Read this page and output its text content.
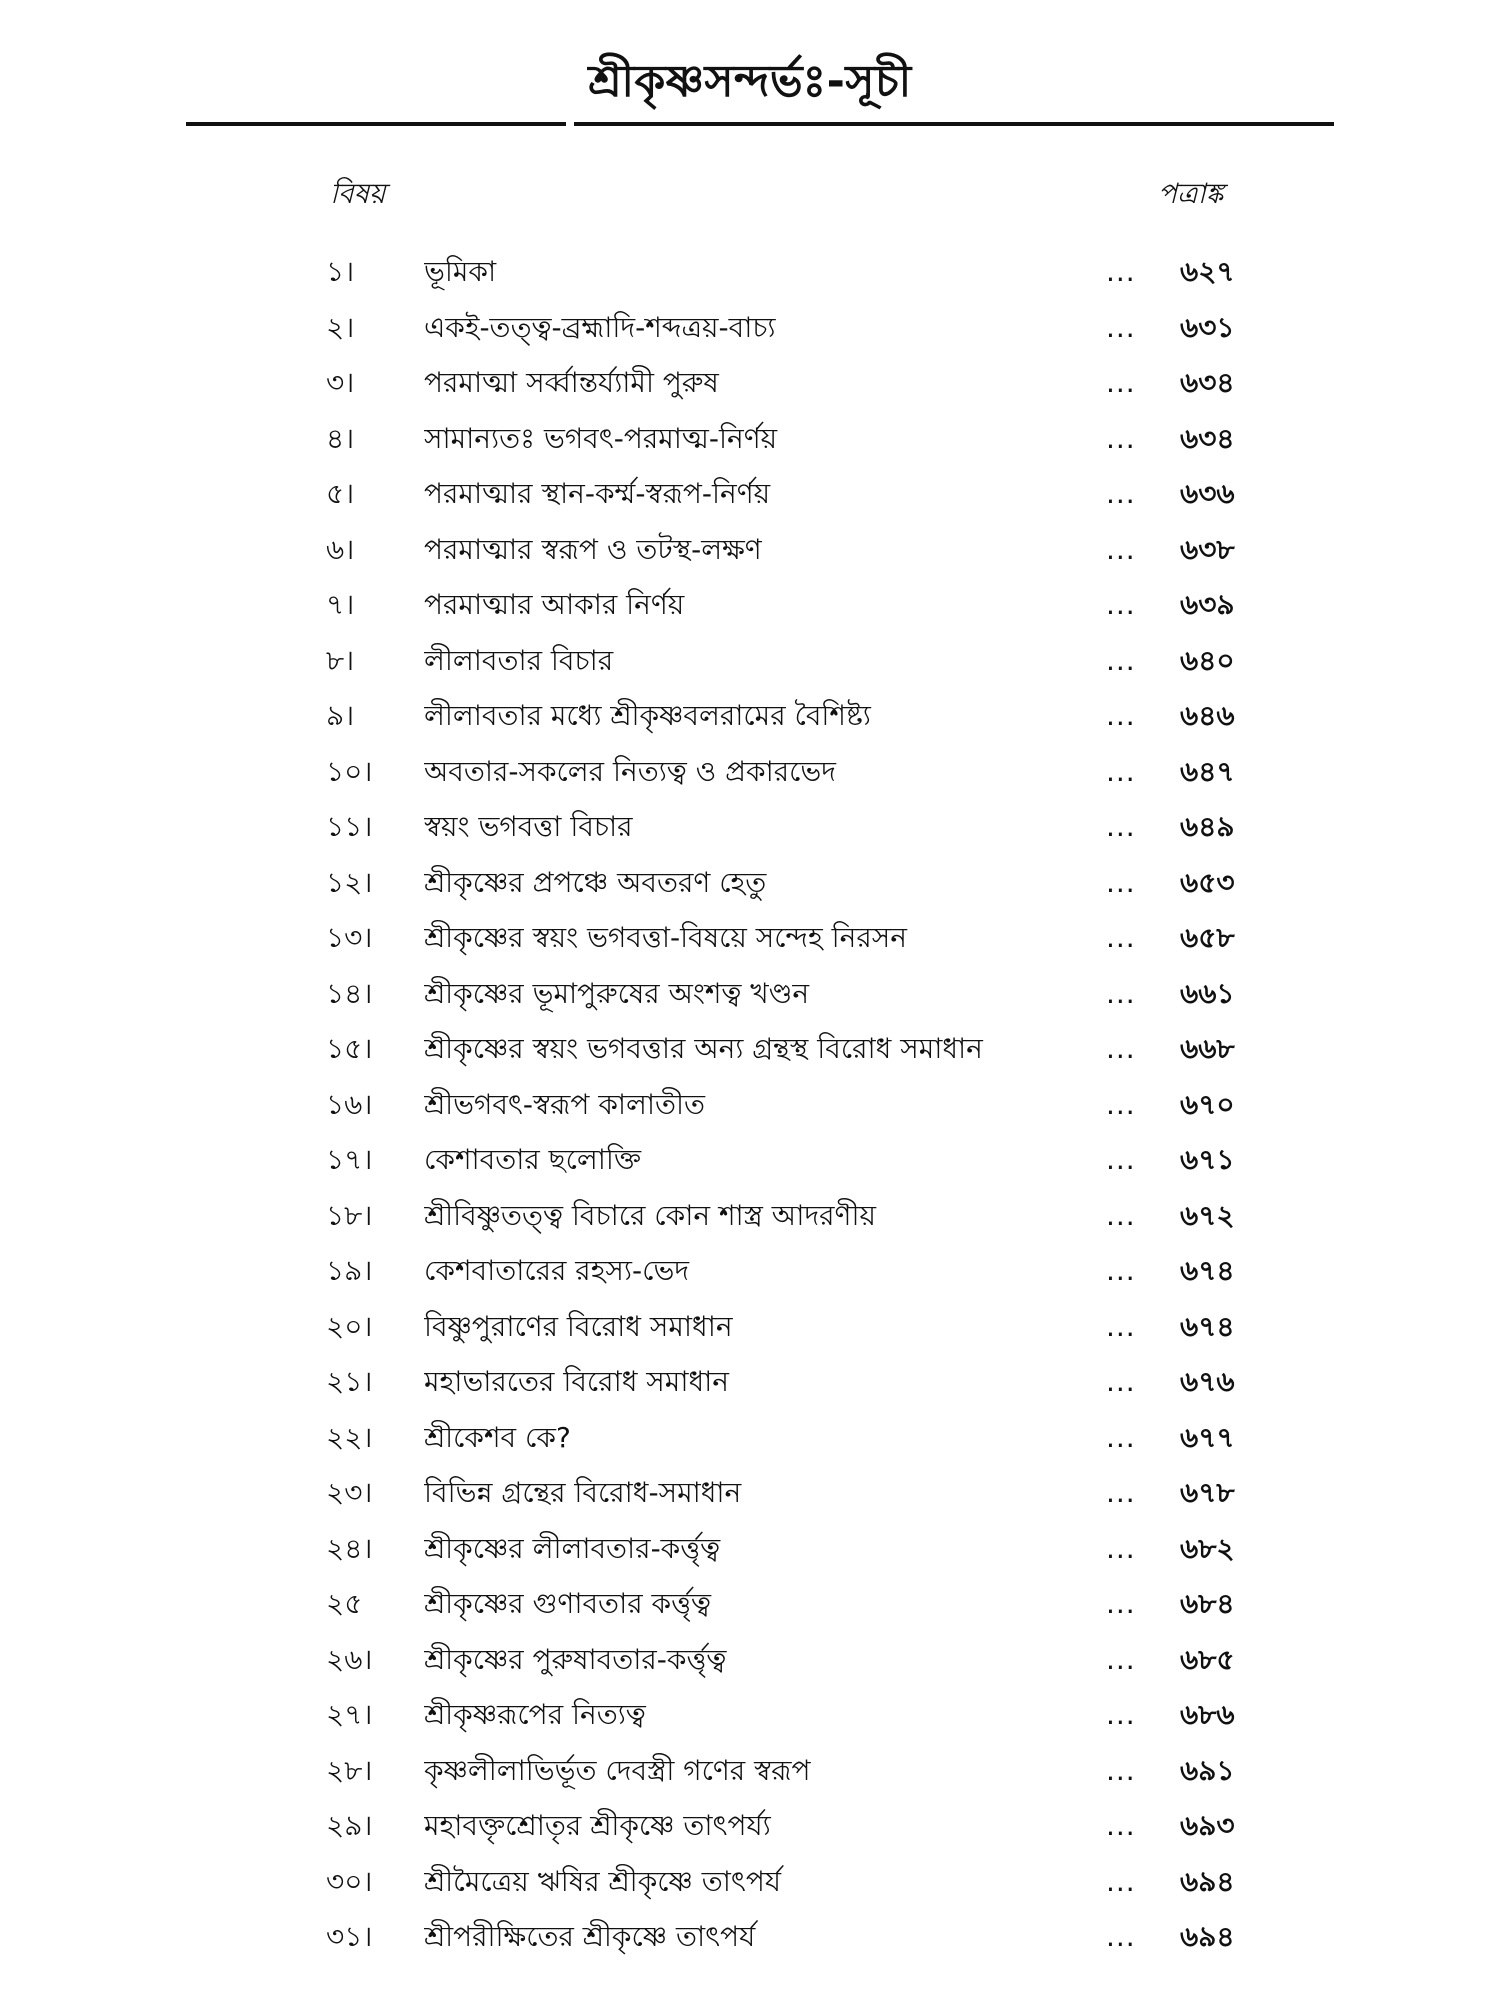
শ্রীকৃষ্ণসন্দর্ভঃ-সূচী
বিষয়	পত্রাঙ্ক
১।	ভূমিকা	...	৬২৭
২।	একই-তত্ত্ব-ব্রহ্মাদি-শব্দত্রয়-বাচ্য	...	৬৩১
৩।	পরমাত্মা সর্ব্বান্তর্য্যামী পুরুষ	...	৬৩৪
৪।	সামান্যতঃ ভগবৎ-পরমাত্ম-নির্ণয়	...	৬৩৪
৫।	পরমাত্মার স্থান-কর্ম্ম-স্বরূপ-নির্ণয়	...	৬৩৬
৬।	পরমাত্মার স্বরূপ ও তটস্থ-লক্ষণ	...	৬৩৮
৭।	পরমাত্মার আকার নির্ণয়	...	৬৩৯
৮।	লীলাবতার বিচার	...	৬৪০
৯।	লীলাবতার মধ্যে শ্রীকৃষ্ণবলরামের বৈশিষ্ট্য	...	৬৪৬
১০।	অবতার-সকলের নিত্যত্ব ও প্রকারভেদ	...	৬৪৭
১১।	স্বয়ং ভগবত্তা বিচার	...	৬৪৯
১২।	শ্রীকৃষ্ণের প্রপঞ্চে অবতরণ হেতু	...	৬৫৩
১৩।	শ্রীকৃষ্ণের স্বয়ং ভগবত্তা-বিষয়ে সন্দেহ নিরসন	...	৬৫৮
১৪।	শ্রীকৃষ্ণের ভূমাপুরুষের অংশত্ব খণ্ডন	...	৬৬১
১৫।	শ্রীকৃষ্ণের স্বয়ং ভগবত্তার অন্য গ্রন্থস্থ বিরোধ সমাধান	...	৬৬৮
১৬।	শ্রীভগবৎ-স্বরূপ কালাতীত	...	৬৭০
১৭।	কেশাবতার ছলোক্তি	...	৬৭১
১৮।	শ্রীবিষ্ণুতত্ত্ব বিচারে কোন শাস্ত্র আদরণীয়	...	৬৭২
১৯।	কেশবাতারের রহস্য-ভেদ	...	৬৭৪
২০।	বিষ্ণুপুরাণের বিরোধ সমাধান	...	৬৭৪
২১।	মহাভারতের বিরোধ সমাধান	...	৬৭৬
২২।	শ্রীকেশব কে?	...	৬৭৭
২৩।	বিভিন্ন গ্রন্থের বিরোধ-সমাধান	...	৬৭৮
২৪।	শ্রীকৃষ্ণের লীলাবতার-কর্ত্তৃত্ব	...	৬৮২
২৫	শ্রীকৃষ্ণের গুণাবতার কর্ত্তৃত্ব	...	৬৮৪
২৬।	শ্রীকৃষ্ণের পুরুষাবতার-কর্ত্তৃত্ব	...	৬৮৫
২৭।	শ্রীকৃষ্ণরূপের নিত্যত্ব	...	৬৮৬
২৮।	কৃষ্ণলীলাভির্ভূত দেবস্ত্রী গণের স্বরূপ	...	৬৯১
২৯।	মহাবক্তৃশ্রোতৃর শ্রীকৃষ্ণে তাৎপর্য্য	...	৬৯৩
৩০।	শ্রীমৈত্রেয় ঋষির শ্রীকৃষ্ণে তাৎপর্য	...	৬৯৪
৩১।	শ্রীপরীক্ষিতের শ্রীকৃষ্ণে তাৎপর্য	...	৬৯৪
